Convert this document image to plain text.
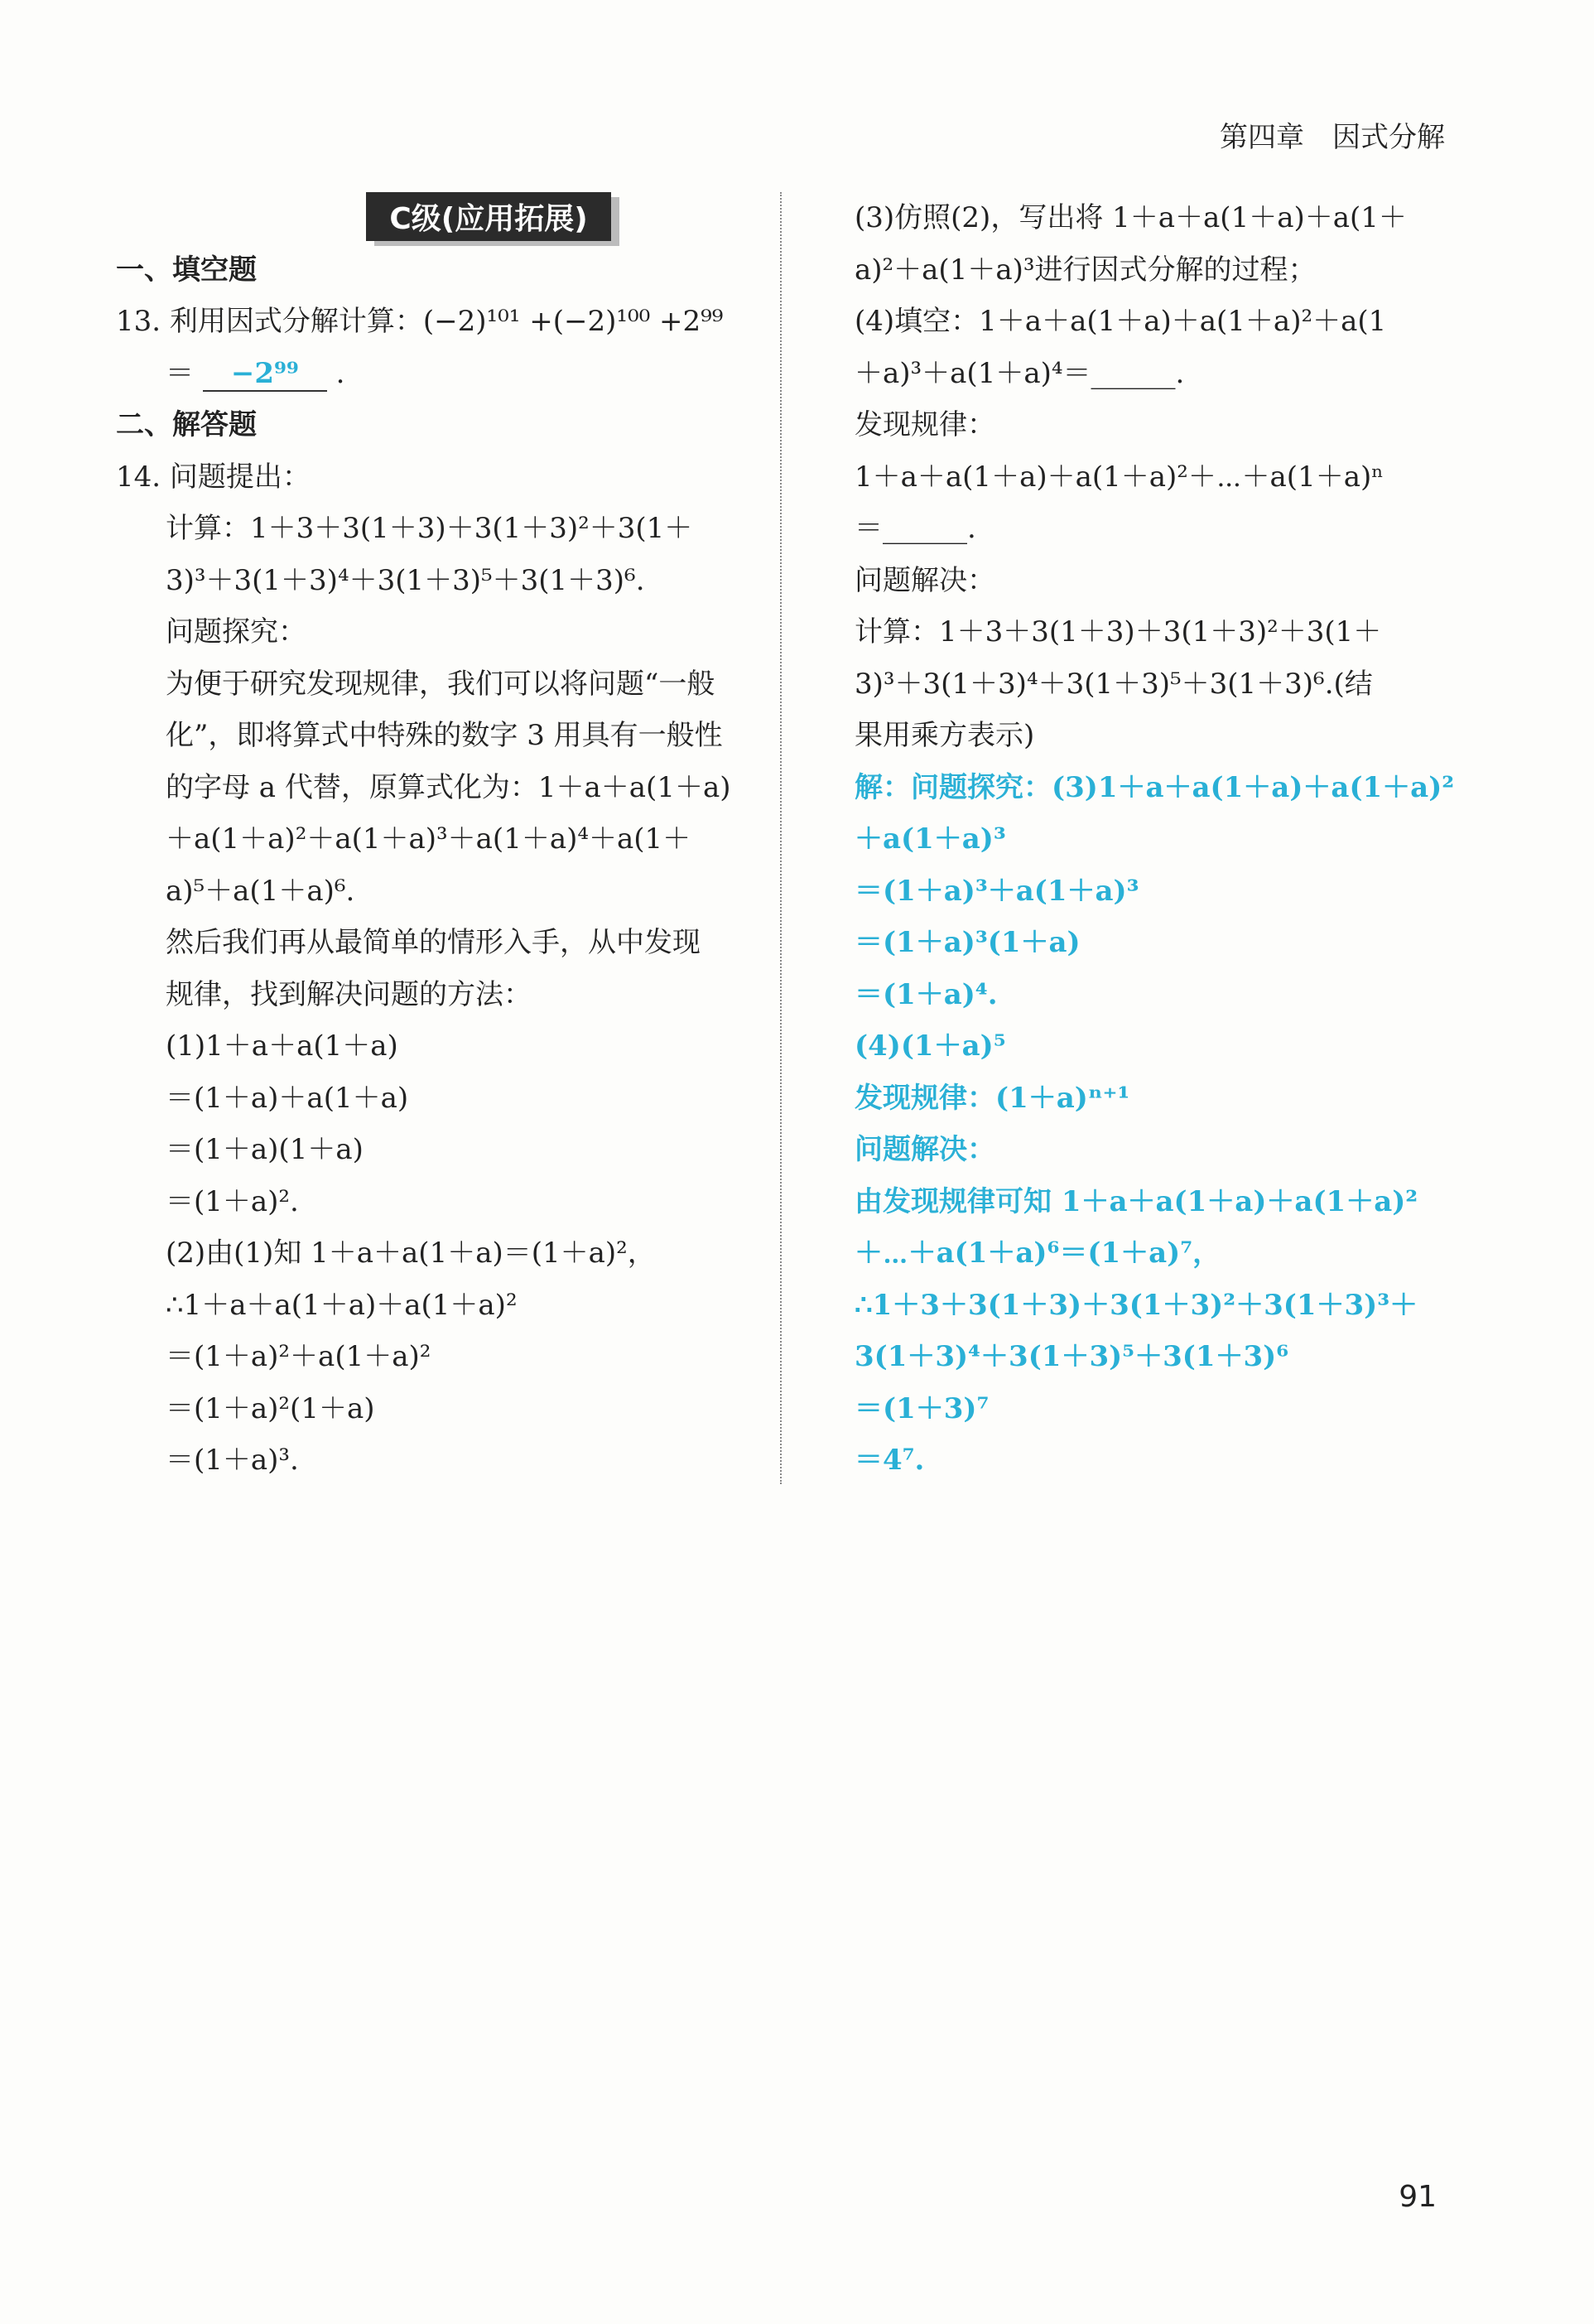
第四章　因式分解
C级(应用拓展)
一、填空题
13. 利用因式分解计算：(−2)¹⁰¹ +(−2)¹⁰⁰ +2⁹⁹
＝ −2⁹⁹ .
二、解答题
14. 问题提出：
计算：1＋3＋3(1＋3)＋3(1＋3)²＋3(1＋
3)³＋3(1＋3)⁴＋3(1＋3)⁵＋3(1＋3)⁶.
问题探究：
为便于研究发现规律，我们可以将问题“一般
化”，即将算式中特殊的数字 3 用具有一般性
的字母 a 代替，原算式化为：1＋a＋a(1＋a)
＋a(1＋a)²＋a(1＋a)³＋a(1＋a)⁴＋a(1＋
a)⁵＋a(1＋a)⁶.
然后我们再从最简单的情形入手，从中发现
规律，找到解决问题的方法：
(1)1＋a＋a(1＋a)
＝(1＋a)＋a(1＋a)
＝(1＋a)(1＋a)
＝(1＋a)².
(2)由(1)知 1＋a＋a(1＋a)＝(1＋a)²，
∴1＋a＋a(1＋a)＋a(1＋a)²
＝(1＋a)²＋a(1＋a)²
＝(1＋a)²(1＋a)
＝(1＋a)³.
(3)仿照(2)，写出将 1＋a＋a(1＋a)＋a(1＋
a)²＋a(1＋a)³进行因式分解的过程；
(4)填空：1＋a＋a(1＋a)＋a(1＋a)²＋a(1
＋a)³＋a(1＋a)⁴＝______.
发现规律：
1＋a＋a(1＋a)＋a(1＋a)²＋⋯＋a(1＋a)ⁿ
＝______.
问题解决：
计算：1＋3＋3(1＋3)＋3(1＋3)²＋3(1＋
3)³＋3(1＋3)⁴＋3(1＋3)⁵＋3(1＋3)⁶.(结
果用乘方表示)
解：问题探究：(3)1＋a＋a(1＋a)＋a(1＋a)²
＋a(1＋a)³
＝(1＋a)³＋a(1＋a)³
＝(1＋a)³(1＋a)
＝(1＋a)⁴.
(4)(1＋a)⁵
发现规律：(1＋a)ⁿ⁺¹
问题解决：
由发现规律可知 1＋a＋a(1＋a)＋a(1＋a)²
＋⋯＋a(1＋a)⁶＝(1＋a)⁷，
∴1＋3＋3(1＋3)＋3(1＋3)²＋3(1＋3)³＋
3(1＋3)⁴＋3(1＋3)⁵＋3(1＋3)⁶
＝(1＋3)⁷
＝4⁷.
91
